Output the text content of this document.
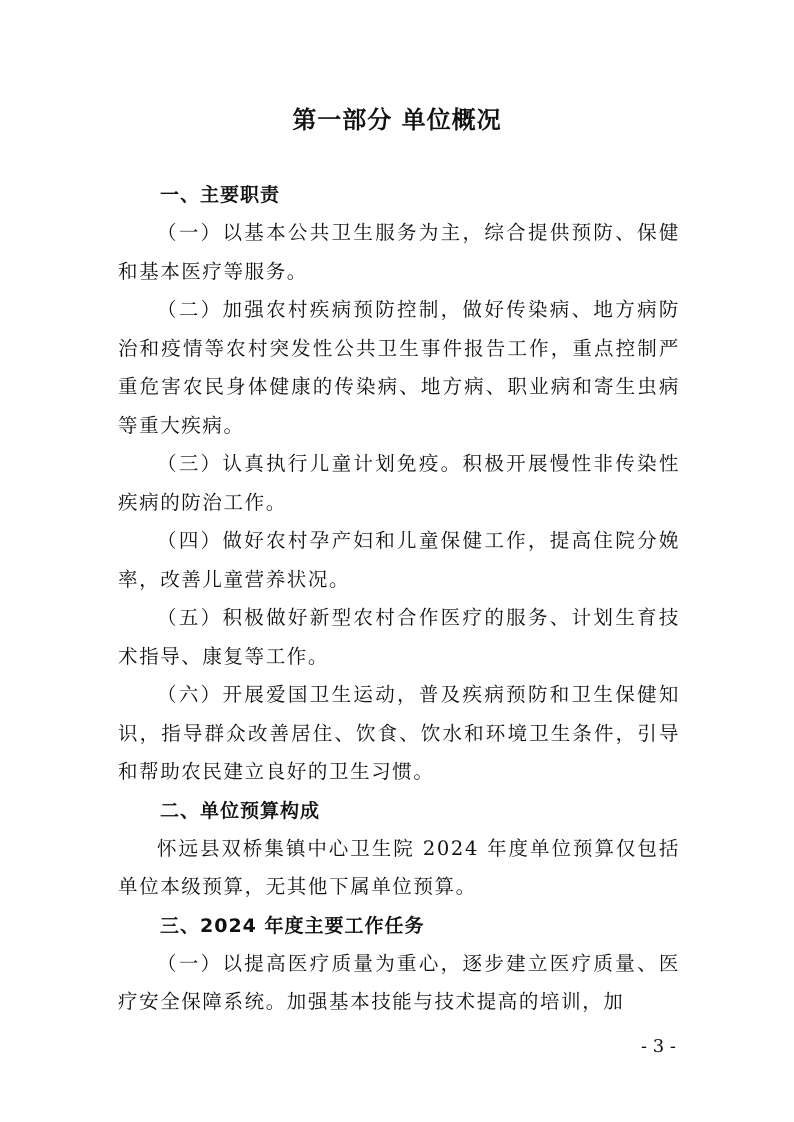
第一部分 单位概况
一、主要职责
（一）以基本公共卫生服务为主，综合提供预防、保健和基本医疗等服务。
（二）加强农村疾病预防控制，做好传染病、地方病防治和疫情等农村突发性公共卫生事件报告工作，重点控制严重危害农民身体健康的传染病、地方病、职业病和寄生虫病等重大疾病。
（三）认真执行儿童计划免疫。积极开展慢性非传染性疾病的防治工作。
（四）做好农村孕产妇和儿童保健工作，提高住院分娩率，改善儿童营养状况。
（五）积极做好新型农村合作医疗的服务、计划生育技术指导、康复等工作。
（六）开展爱国卫生运动，普及疾病预防和卫生保健知识，指导群众改善居住、饮食、饮水和环境卫生条件，引导和帮助农民建立良好的卫生习惯。
二、单位预算构成
怀远县双桥集镇中心卫生院 2024 年度单位预算仅包括单位本级预算，无其他下属单位预算。
三、2024 年度主要工作任务
（一）以提高医疗质量为重心，逐步建立医疗质量、医疗安全保障系统。加强基本技能与技术提高的培训，加
- 3 -
